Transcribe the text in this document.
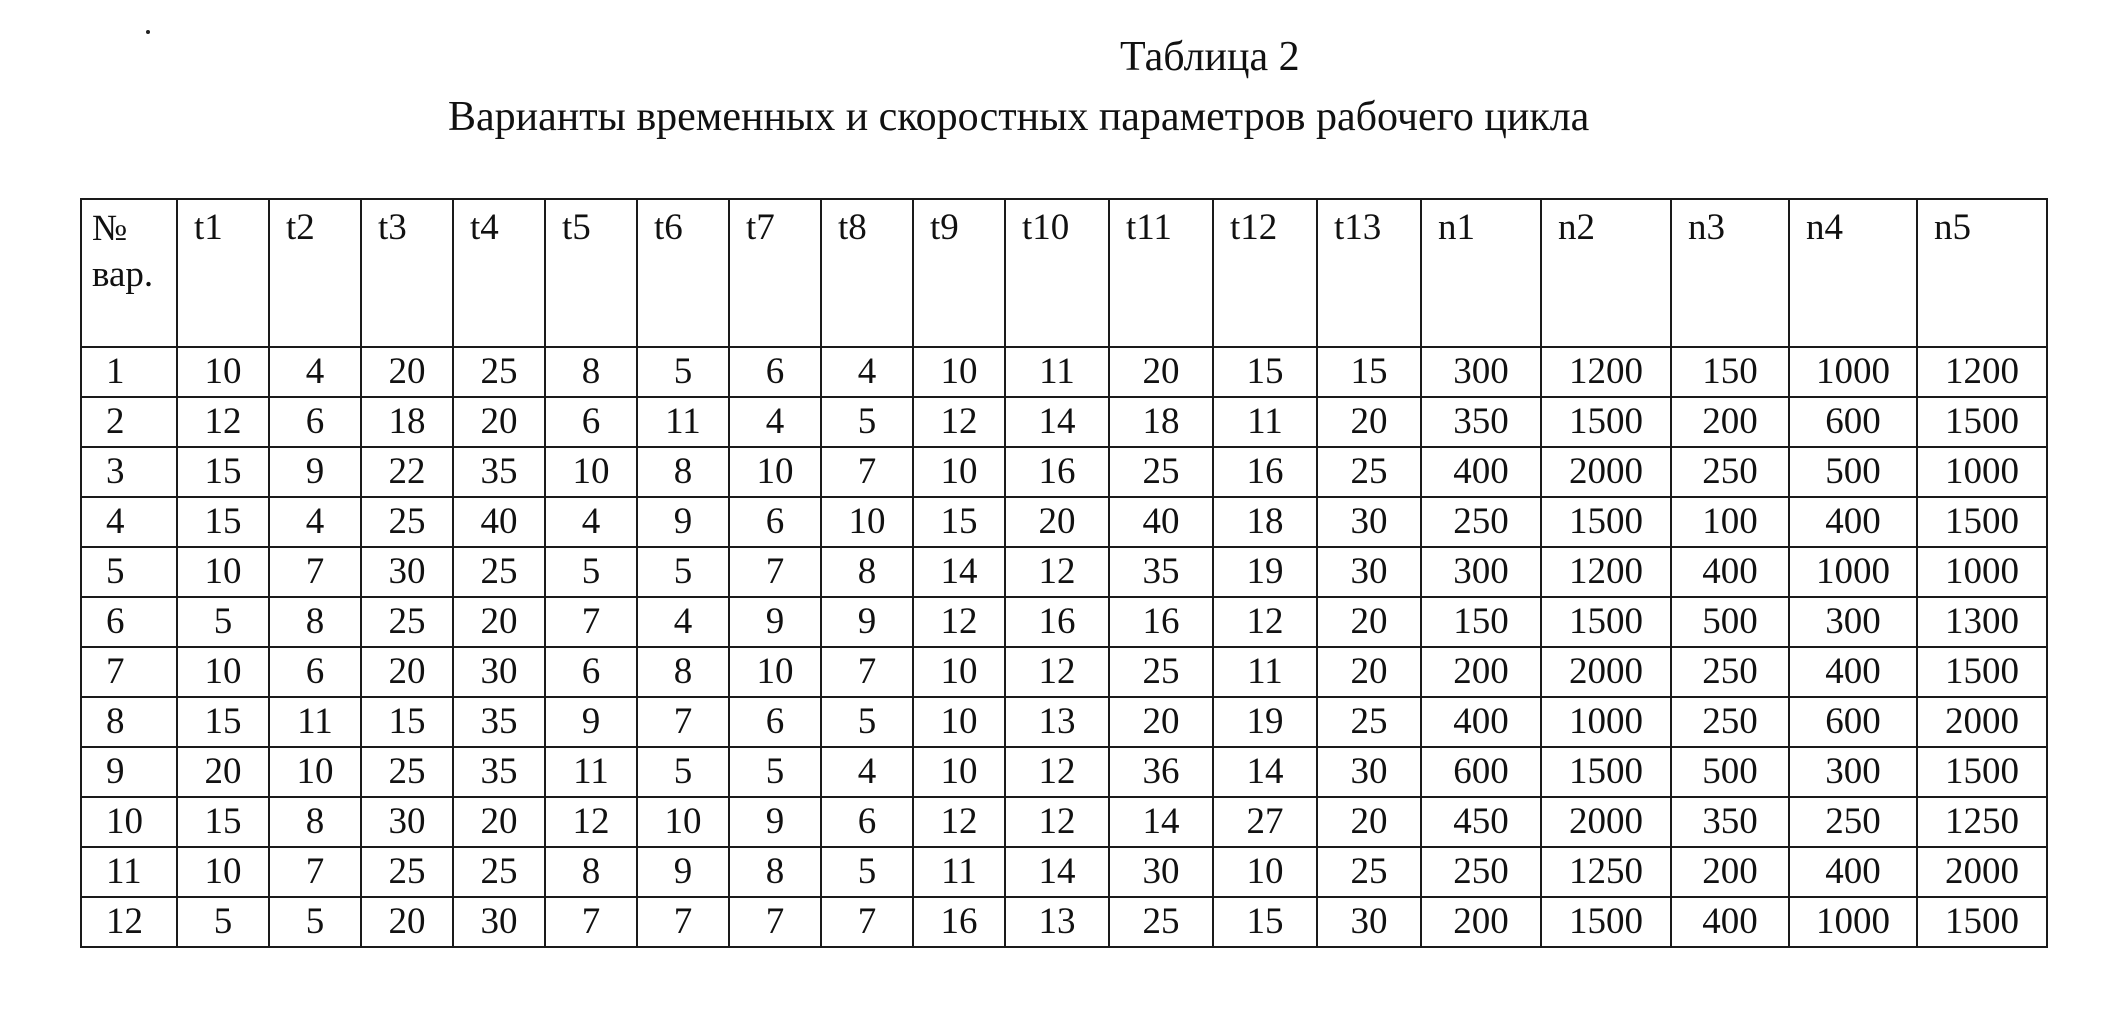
Таблица 2
Варианты временных и скоростных параметров рабочего цикла
№
вар.	t1	t2	t3	t4	t5	t6	t7	t8	t9	t10	t11	t12	t13	n1	n2	n3	n4	n5
1	10	4	20	25	8	5	6	4	10	11	20	15	15	300	1200	150	1000	1200
2	12	6	18	20	6	11	4	5	12	14	18	11	20	350	1500	200	600	1500
3	15	9	22	35	10	8	10	7	10	16	25	16	25	400	2000	250	500	1000
4	15	4	25	40	4	9	6	10	15	20	40	18	30	250	1500	100	400	1500
5	10	7	30	25	5	5	7	8	14	12	35	19	30	300	1200	400	1000	1000
6	5	8	25	20	7	4	9	9	12	16	16	12	20	150	1500	500	300	1300
7	10	6	20	30	6	8	10	7	10	12	25	11	20	200	2000	250	400	1500
8	15	11	15	35	9	7	6	5	10	13	20	19	25	400	1000	250	600	2000
9	20	10	25	35	11	5	5	4	10	12	36	14	30	600	1500	500	300	1500
10	15	8	30	20	12	10	9	6	12	12	14	27	20	450	2000	350	250	1250
11	10	7	25	25	8	9	8	5	11	14	30	10	25	250	1250	200	400	2000
12	5	5	20	30	7	7	7	7	16	13	25	15	30	200	1500	400	1000	1500
